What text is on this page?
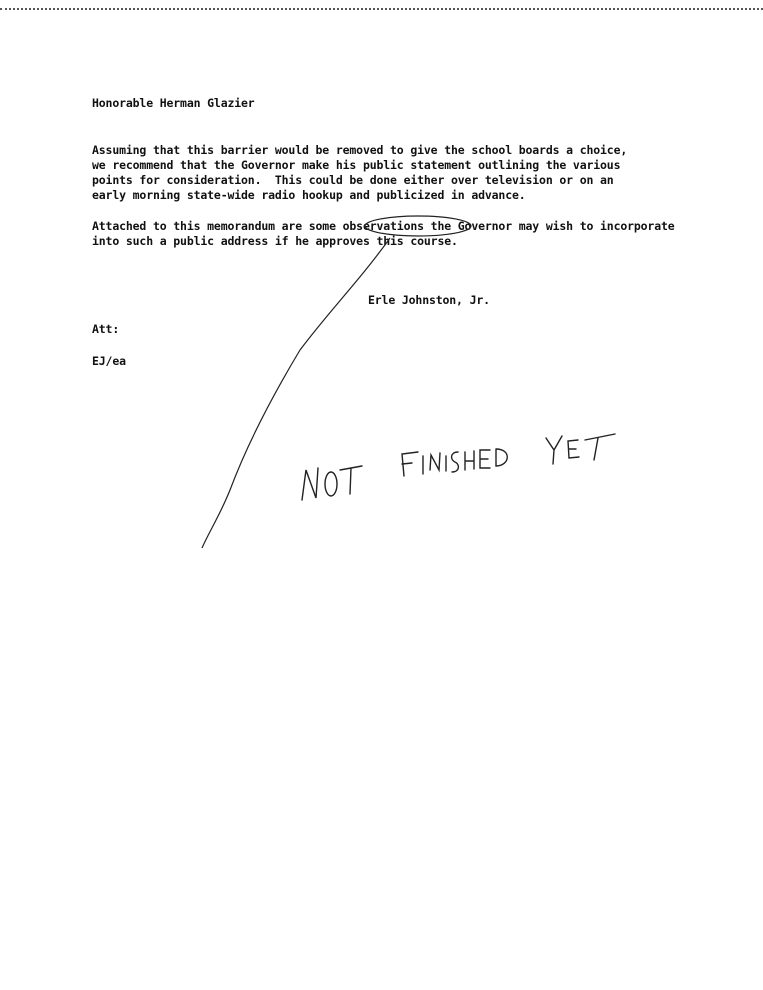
Honorable Herman Glazier
Assuming that this barrier would be removed to give the school boards a choice,
we recommend that the Governor make his public statement outlining the various
points for consideration.  This could be done either over television or on an
early morning state-wide radio hookup and publicized in advance.
Attached to this memorandum are some observations the Governor may wish to incorporate
into such a public address if he approves this course.
Erle Johnston, Jr.
Att:
EJ/ea
